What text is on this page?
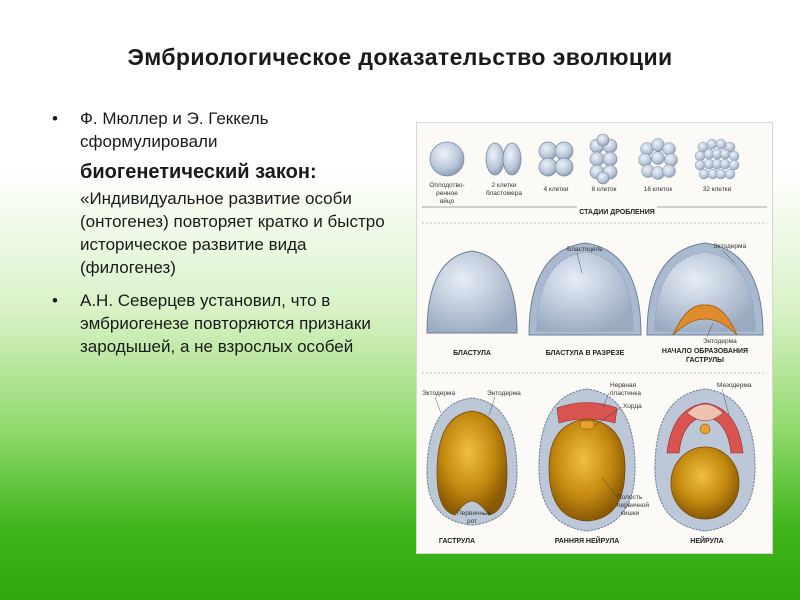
Эмбриологическое доказательство эволюции
• Ф. Мюллер и Э. Геккель сформулировали
биогенетический закон:
«Индивидуальное развитие особи (онтогенез) повторяет кратко и быстро историческое развитие вида (филогенез)
• А.Н. Северцев установил, что в эмбриогенезе повторяются признаки зародышей, а не взрослых особей
Оплодотво-
ренное
яйцо
2 клетки
бластомера
4 клетки	8 клеток	16 клеток	32 клетки
СТАДИИ ДРОБЛЕНИЯ
Бластоцель	Эктодерма
Энтодерма
БЛАСТУЛА	БЛАСТУЛА В РАЗРЕЗЕ	НАЧАЛО ОБРАЗОВАНИЯ
ГАСТРУЛЫ
Эктодерма	Энтодерма
Нервная
пластинка
Хорда
Мезодерма
Первичный
рот
Полость
первичной
кишки
ГАСТРУЛА	РАННЯЯ НЕЙРУЛА	НЕЙРУЛА
